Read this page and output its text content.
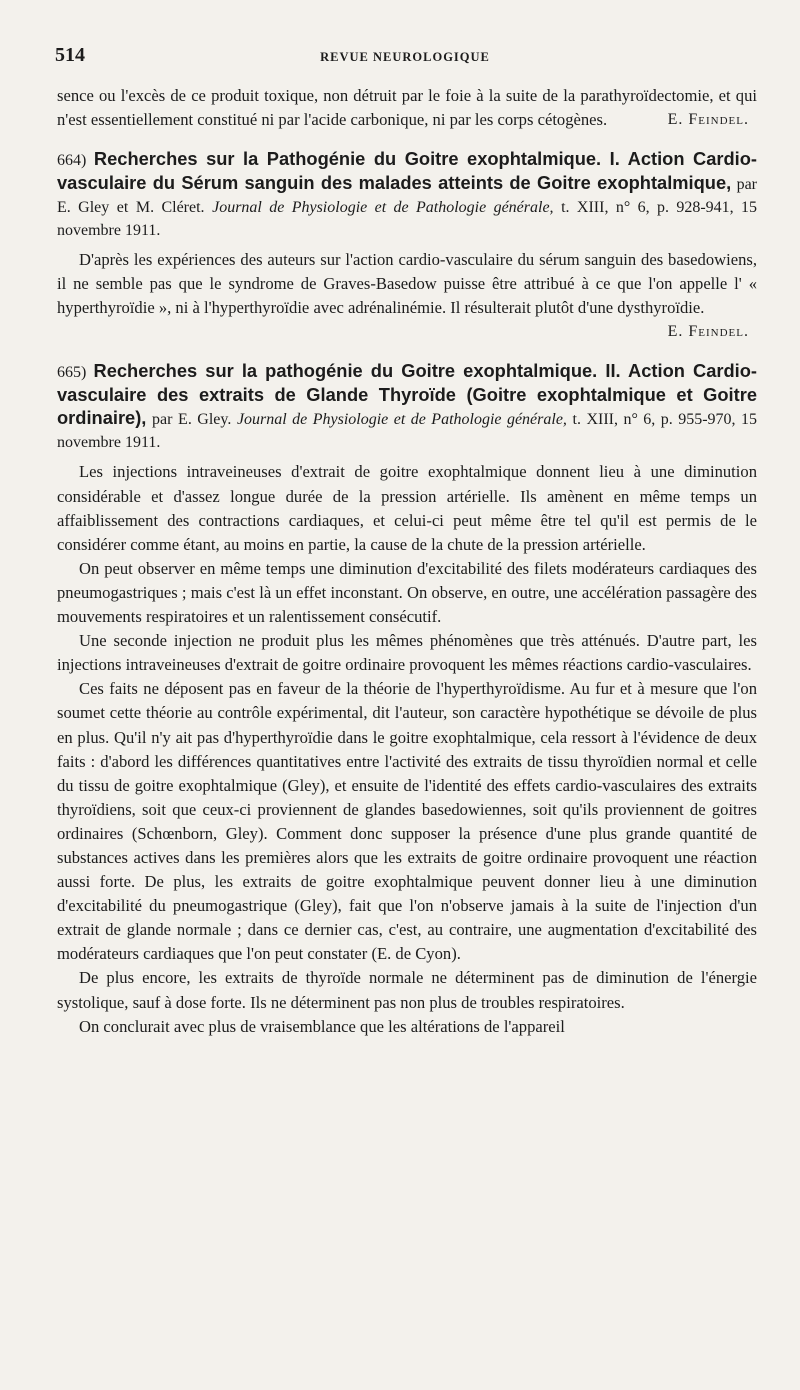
514	REVUE NEUROLOGIQUE

sence ou l'excès de ce produit toxique, non détruit par le foie à la suite de la parathyroïdectomie, et qui n'est essentiellement constitué ni par l'acide carbonique, ni par les corps cétogènes.	E. Feindel.

664) Recherches sur la Pathogénie du Goitre exophtalmique. I. Action Cardio-vasculaire du Sérum sanguin des malades atteints de Goitre exophtalmique, par E. Gley et M. Cléret. Journal de Physiologie et de Pathologie générale, t. XIII, n° 6, p. 928-941, 15 novembre 1911.

D'après les expériences des auteurs sur l'action cardio-vasculaire du sérum sanguin des basedowiens, il ne semble pas que le syndrome de Graves-Basedow puisse être attribué à ce que l'on appelle l' « hyperthyroïdie », ni à l'hyperthyroïdie avec adrénalinémie. Il résulterait plutôt d'une dysthyroïdie.

E. Feindel.

665) Recherches sur la pathogénie du Goitre exophtalmique. II. Action Cardio-vasculaire des extraits de Glande Thyroïde (Goitre exophtalmique et Goitre ordinaire), par E. Gley. Journal de Physiologie et de Pathologie générale, t. XIII, n° 6, p. 955-970, 15 novembre 1911.

Les injections intraveineuses d'extrait de goitre exophtalmique donnent lieu à une diminution considérable et d'assez longue durée de la pression artérielle. Ils amènent en même temps un affaiblissement des contractions cardiaques, et celui-ci peut même être tel qu'il est permis de le considérer comme étant, au moins en partie, la cause de la chute de la pression artérielle.

On peut observer en même temps une diminution d'excitabilité des filets modérateurs cardiaques des pneumogastriques ; mais c'est là un effet inconstant. On observe, en outre, une accélération passagère des mouvements respiratoires et un ralentissement consécutif.

Une seconde injection ne produit plus les mêmes phénomènes que très atténués. D'autre part, les injections intraveineuses d'extrait de goitre ordinaire provoquent les mêmes réactions cardio-vasculaires.

Ces faits ne déposent pas en faveur de la théorie de l'hyperthyroïdisme. Au fur et à mesure que l'on soumet cette théorie au contrôle expérimental, dit l'auteur, son caractère hypothétique se dévoile de plus en plus. Qu'il n'y ait pas d'hyperthyroïdie dans le goitre exophtalmique, cela ressort à l'évidence de deux faits : d'abord les différences quantitatives entre l'activité des extraits de tissu thyroïdien normal et celle du tissu de goitre exophtalmique (Gley), et ensuite de l'identité des effets cardio-vasculaires des extraits thyroïdiens, soit que ceux-ci proviennent de glandes basedowiennes, soit qu'ils proviennent de goitres ordinaires (Schœnborn, Gley). Comment donc supposer la présence d'une plus grande quantité de substances actives dans les premières alors que les extraits de goitre ordinaire provoquent une réaction aussi forte. De plus, les extraits de goitre exophtalmique peuvent donner lieu à une diminution d'excitabilité du pneumogastrique (Gley), fait que l'on n'observe jamais à la suite de l'injection d'un extrait de glande normale ; dans ce dernier cas, c'est, au contraire, une augmentation d'excitabilité des modérateurs cardiaques que l'on peut constater (E. de Cyon).

De plus encore, les extraits de thyroïde normale ne déterminent pas de diminution de l'énergie systolique, sauf à dose forte. Ils ne déterminent pas non plus de troubles respiratoires.

On conclurait avec plus de vraisemblance que les altérations de l'appareil
